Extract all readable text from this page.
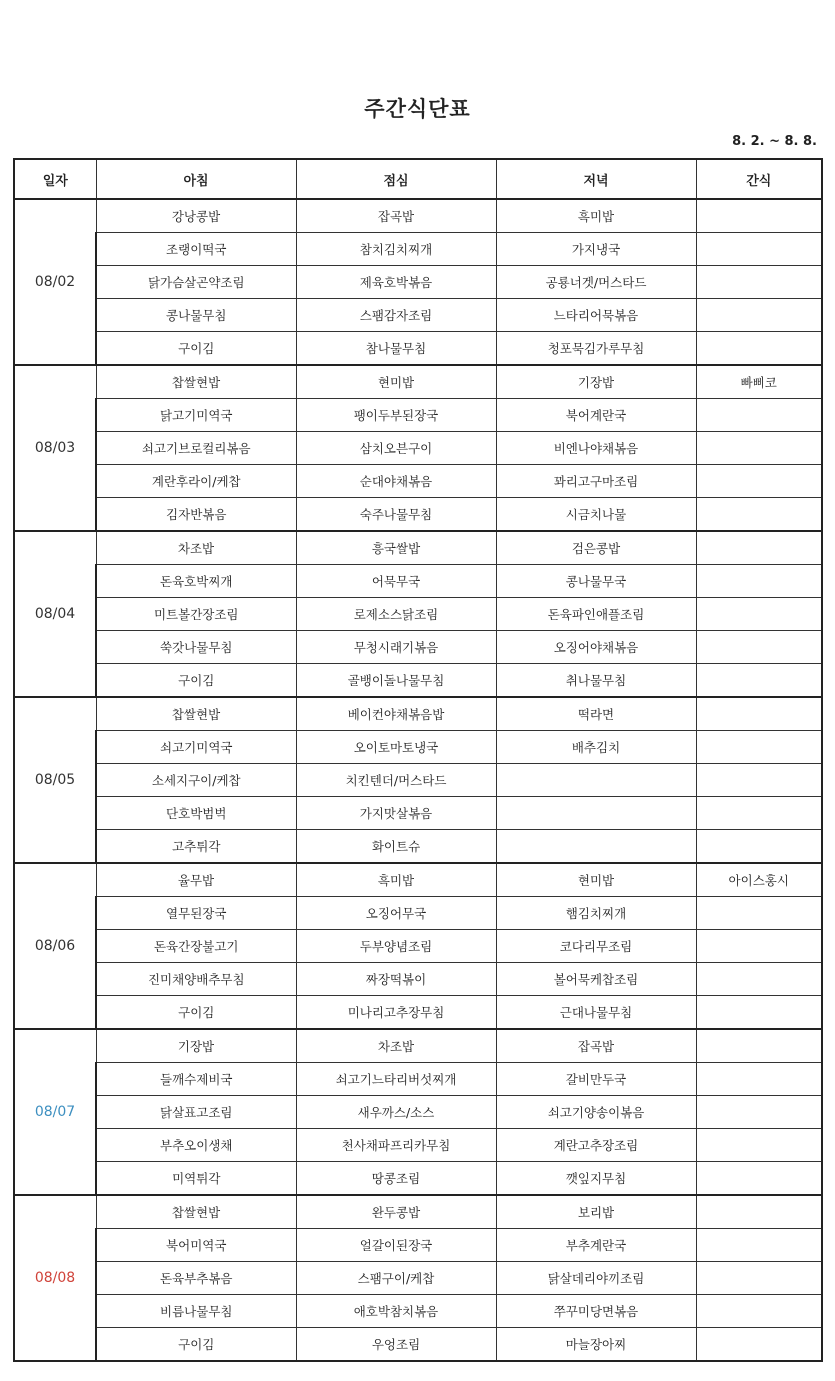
주간식단표
8. 2. ~ 8. 8.
일자	아침	점심	저녁	간식
08/02	강낭콩밥	잡곡밥	흑미밥	
	조랭이떡국	참치김치찌개	가지냉국	
	닭가슴살곤약조림	제육호박볶음	공룡너겟/머스타드	
	콩나물무침	스팸감자조림	느타리어묵볶음	
	구이김	참나물무침	청포묵김가루무침	
08/03	찹쌀현밥	현미밥	기장밥	빠삐코
	닭고기미역국	팽이두부된장국	북어계란국	
	쇠고기브로컬리볶음	삼치오븐구이	비엔나야채볶음	
	계란후라이/케찹	순대야채볶음	꽈리고구마조림	
	김자반볶음	숙주나물무침	시금치나물	
08/04	차조밥	흥국쌀밥	검은콩밥	
	돈육호박찌개	어묵무국	콩나물무국	
	미트볼간장조림	로제소스닭조림	돈육파인애플조림	
	쑥갓나물무침	무청시래기볶음	오징어야채볶음	
	구이김	골뱅이돌나물무침	취나물무침	
08/05	찹쌀현밥	베이컨야채볶음밥	떡라면	
	쇠고기미역국	오이토마토냉국	배추김치	
	소세지구이/케찹	치킨텐더/머스타드		
	단호박범벅	가지맛살볶음		
	고추튀각	화이트슈		
08/06	율무밥	흑미밥	현미밥	아이스홍시
	열무된장국	오징어무국	햄김치찌개	
	돈육간장불고기	두부양념조림	코다리무조림	
	진미채양배추무침	짜장떡볶이	볼어묵케찹조림	
	구이김	미나리고추장무침	근대나물무침	
08/07	기장밥	차조밥	잡곡밥	
	들깨수제비국	쇠고기느타리버섯찌개	갈비만두국	
	닭살표고조림	새우까스/소스	쇠고기양송이볶음	
	부추오이생채	천사채파프리카무침	계란고추장조림	
	미역튀각	땅콩조림	깻잎지무침	
08/08	찹쌀현밥	완두콩밥	보리밥	
	북어미역국	얼갈이된장국	부추계란국	
	돈육부추볶음	스팸구이/케찹	닭살데리야끼조림	
	비름나물무침	애호박참치볶음	쭈꾸미당면볶음	
	구이김	우엉조림	마늘장아찌	
